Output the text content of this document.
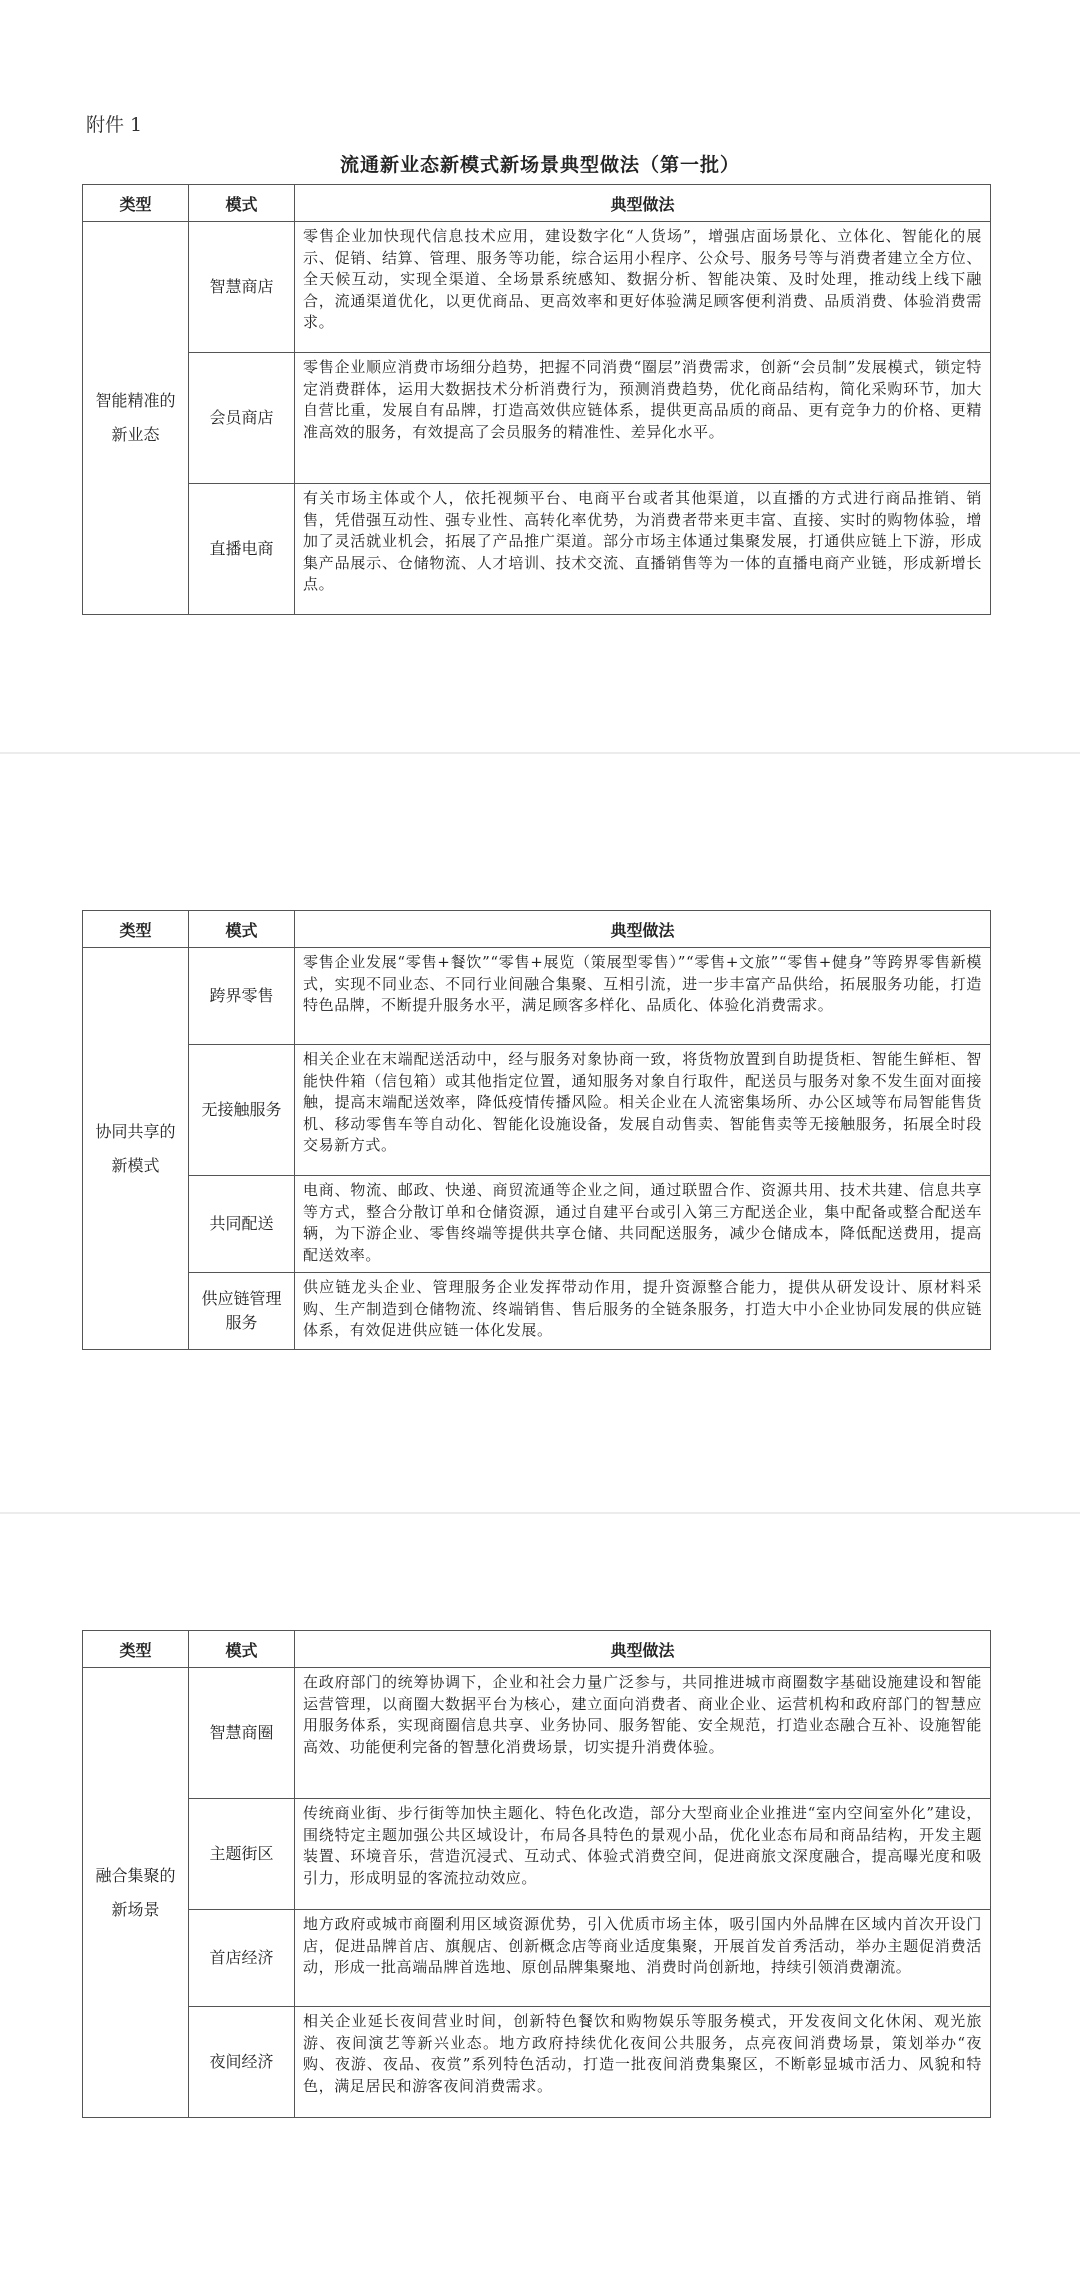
附件 1
流通新业态新模式新场景典型做法（第一批）
类型	模式	典型做法
智能精准的新业态	智慧商店	零售企业加快现代信息技术应用，建设数字化“人货场”，增强店面场景化、立体化、智能化的展示、促销、结算、管理、服务等功能，综合运用小程序、公众号、服务号等与消费者建立全方位、全天候互动，实现全渠道、全场景系统感知、数据分析、智能决策、及时处理，推动线上线下融合，流通渠道优化，以更优商品、更高效率和更好体验满足顾客便利消费、品质消费、体验消费需求。
	会员商店	零售企业顺应消费市场细分趋势，把握不同消费“圈层”消费需求，创新“会员制”发展模式，锁定特定消费群体，运用大数据技术分析消费行为，预测消费趋势，优化商品结构，简化采购环节，加大自营比重，发展自有品牌，打造高效供应链体系，提供更高品质的商品、更有竞争力的价格、更精准高效的服务，有效提高了会员服务的精准性、差异化水平。
	直播电商	有关市场主体或个人，依托视频平台、电商平台或者其他渠道，以直播的方式进行商品推销、销售，凭借强互动性、强专业性、高转化率优势，为消费者带来更丰富、直接、实时的购物体验，增加了灵活就业机会，拓展了产品推广渠道。部分市场主体通过集聚发展，打通供应链上下游，形成集产品展示、仓储物流、人才培训、技术交流、直播销售等为一体的直播电商产业链，形成新增长点。
类型	模式	典型做法
协同共享的新模式	跨界零售	零售企业发展“零售+餐饮”“零售+展览（策展型零售）”“零售+文旅”“零售+健身”等跨界零售新模式，实现不同业态、不同行业间融合集聚、互相引流，进一步丰富产品供给，拓展服务功能，打造特色品牌，不断提升服务水平，满足顾客多样化、品质化、体验化消费需求。
	无接触服务	相关企业在末端配送活动中，经与服务对象协商一致，将货物放置到自助提货柜、智能生鲜柜、智能快件箱（信包箱）或其他指定位置，通知服务对象自行取件，配送员与服务对象不发生面对面接触，提高末端配送效率，降低疫情传播风险。相关企业在人流密集场所、办公区域等布局智能售货机、移动零售车等自动化、智能化设施设备，发展自动售卖、智能售卖等无接触服务，拓展全时段交易新方式。
	共同配送	电商、物流、邮政、快递、商贸流通等企业之间，通过联盟合作、资源共用、技术共建、信息共享等方式，整合分散订单和仓储资源，通过自建平台或引入第三方配送企业，集中配备或整合配送车辆，为下游企业、零售终端等提供共享仓储、共同配送服务，减少仓储成本，降低配送费用，提高配送效率。
	供应链管理服务	供应链龙头企业、管理服务企业发挥带动作用，提升资源整合能力，提供从研发设计、原材料采购、生产制造到仓储物流、终端销售、售后服务的全链条服务，打造大中小企业协同发展的供应链体系，有效促进供应链一体化发展。
类型	模式	典型做法
融合集聚的新场景	智慧商圈	在政府部门的统筹协调下，企业和社会力量广泛参与，共同推进城市商圈数字基础设施建设和智能运营管理，以商圈大数据平台为核心，建立面向消费者、商业企业、运营机构和政府部门的智慧应用服务体系，实现商圈信息共享、业务协同、服务智能、安全规范，打造业态融合互补、设施智能高效、功能便利完备的智慧化消费场景，切实提升消费体验。
	主题街区	传统商业街、步行街等加快主题化、特色化改造，部分大型商业企业推进“室内空间室外化”建设，围绕特定主题加强公共区域设计，布局各具特色的景观小品，优化业态布局和商品结构，开发主题装置、环境音乐，营造沉浸式、互动式、体验式消费空间，促进商旅文深度融合，提高曝光度和吸引力，形成明显的客流拉动效应。
	首店经济	地方政府或城市商圈利用区域资源优势，引入优质市场主体，吸引国内外品牌在区域内首次开设门店，促进品牌首店、旗舰店、创新概念店等商业适度集聚，开展首发首秀活动，举办主题促消费活动，形成一批高端品牌首选地、原创品牌集聚地、消费时尚创新地，持续引领消费潮流。
	夜间经济	相关企业延长夜间营业时间，创新特色餐饮和购物娱乐等服务模式，开发夜间文化休闲、观光旅游、夜间演艺等新兴业态。地方政府持续优化夜间公共服务，点亮夜间消费场景，策划举办“夜购、夜游、夜品、夜赏”系列特色活动，打造一批夜间消费集聚区，不断彰显城市活力、风貌和特色，满足居民和游客夜间消费需求。
